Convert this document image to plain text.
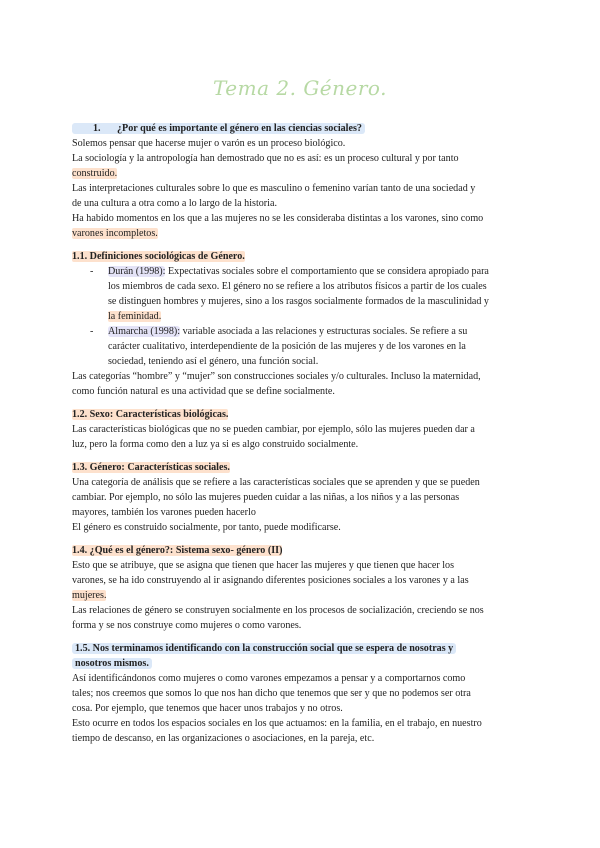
Tema 2. Género.
1. ¿Por qué es importante el género en las ciencias sociales?
Solemos pensar que hacerse mujer o varón es un proceso biológico.
La sociología y la antropología han demostrado que no es así: es un proceso cultural y por tanto
construido.
Las interpretaciones culturales sobre lo que es masculino o femenino varían tanto de una sociedad y
de una cultura a otra como a lo largo de la historia.
Ha habido momentos en los que a las mujeres no se les consideraba distintas a los varones, sino como
varones incompletos.
1.1. Definiciones sociológicas de Género.
- Durán (1998): Expectativas sociales sobre el comportamiento que se considera apropiado para
los miembros de cada sexo. El género no se refiere a los atributos físicos a partir de los cuales
se distinguen hombres y mujeres, sino a los rasgos socialmente formados de la masculinidad y
la feminidad.
- Almarcha (1998): variable asociada a las relaciones y estructuras sociales. Se refiere a su
carácter cualitativo, interdependiente de la posición de las mujeres y de los varones en la
sociedad, teniendo así el género, una función social.
Las categorías “hombre” y “mujer” son construcciones sociales y/o culturales. Incluso la maternidad,
como función natural es una actividad que se define socialmente.
1.2. Sexo: Características biológicas.
Las características biológicas que no se pueden cambiar, por ejemplo, sólo las mujeres pueden dar a
luz, pero la forma como den a luz ya si es algo construido socialmente.
1.3. Género: Características sociales.
Una categoría de análisis que se refiere a las características sociales que se aprenden y que se pueden
cambiar. Por ejemplo, no sólo las mujeres pueden cuidar a las niñas, a los niños y a las personas
mayores, también los varones pueden hacerlo
El género es construido socialmente, por tanto, puede modificarse.
1.4. ¿Qué es el género?: Sistema sexo- género (II)
Esto que se atribuye, que se asigna que tienen que hacer las mujeres y que tienen que hacer los
varones, se ha ido construyendo al ir asignando diferentes posiciones sociales a los varones y a las
mujeres.
Las relaciones de género se construyen socialmente en los procesos de socialización, creciendo se nos
forma y se nos construye como mujeres o como varones.
1.5. Nos terminamos identificando con la construcción social que se espera de nosotras y
nosotros mismos.
Así identificándonos como mujeres o como varones empezamos a pensar y a comportarnos como
tales; nos creemos que somos lo que nos han dicho que tenemos que ser y que no podemos ser otra
cosa. Por ejemplo, que tenemos que hacer unos trabajos y no otros.
Esto ocurre en todos los espacios sociales en los que actuamos: en la familia, en el trabajo, en nuestro
tiempo de descanso, en las organizaciones o asociaciones, en la pareja, etc.
